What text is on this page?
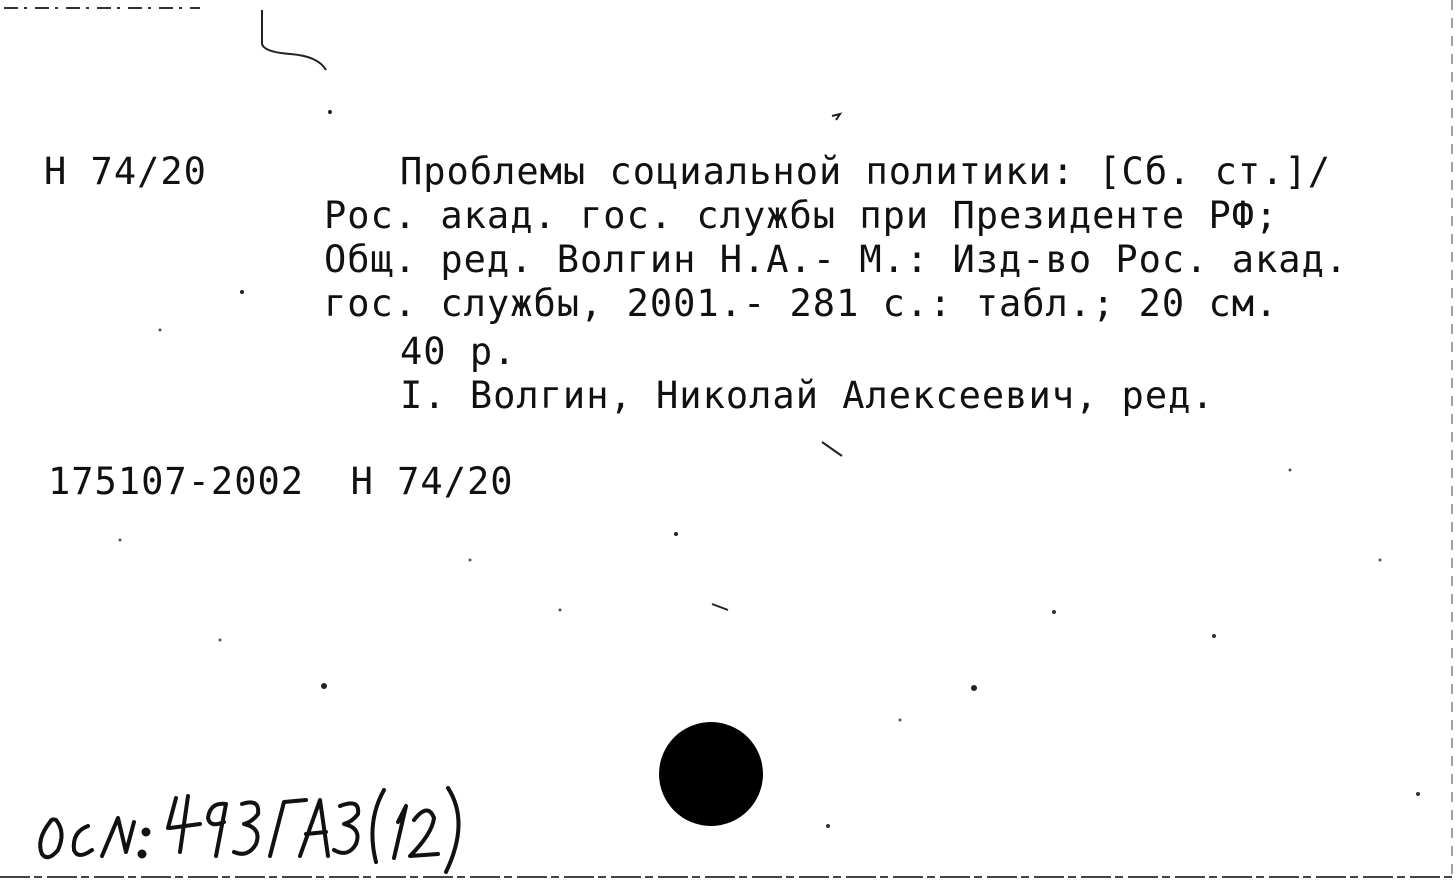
Н 74/20	Проблемы социальной политики: [Сб. ст.]/
Рос. акад. гос. службы при Президенте РФ;
Общ. ред. Волгин Н.А.- М.: Изд-во Рос. акад.
гос. службы, 2001.- 281 с.: табл.; 20 см.
40 р.
I. Волгин, Николай Алексеевич, ред.
175107-2002 Н 74/20
